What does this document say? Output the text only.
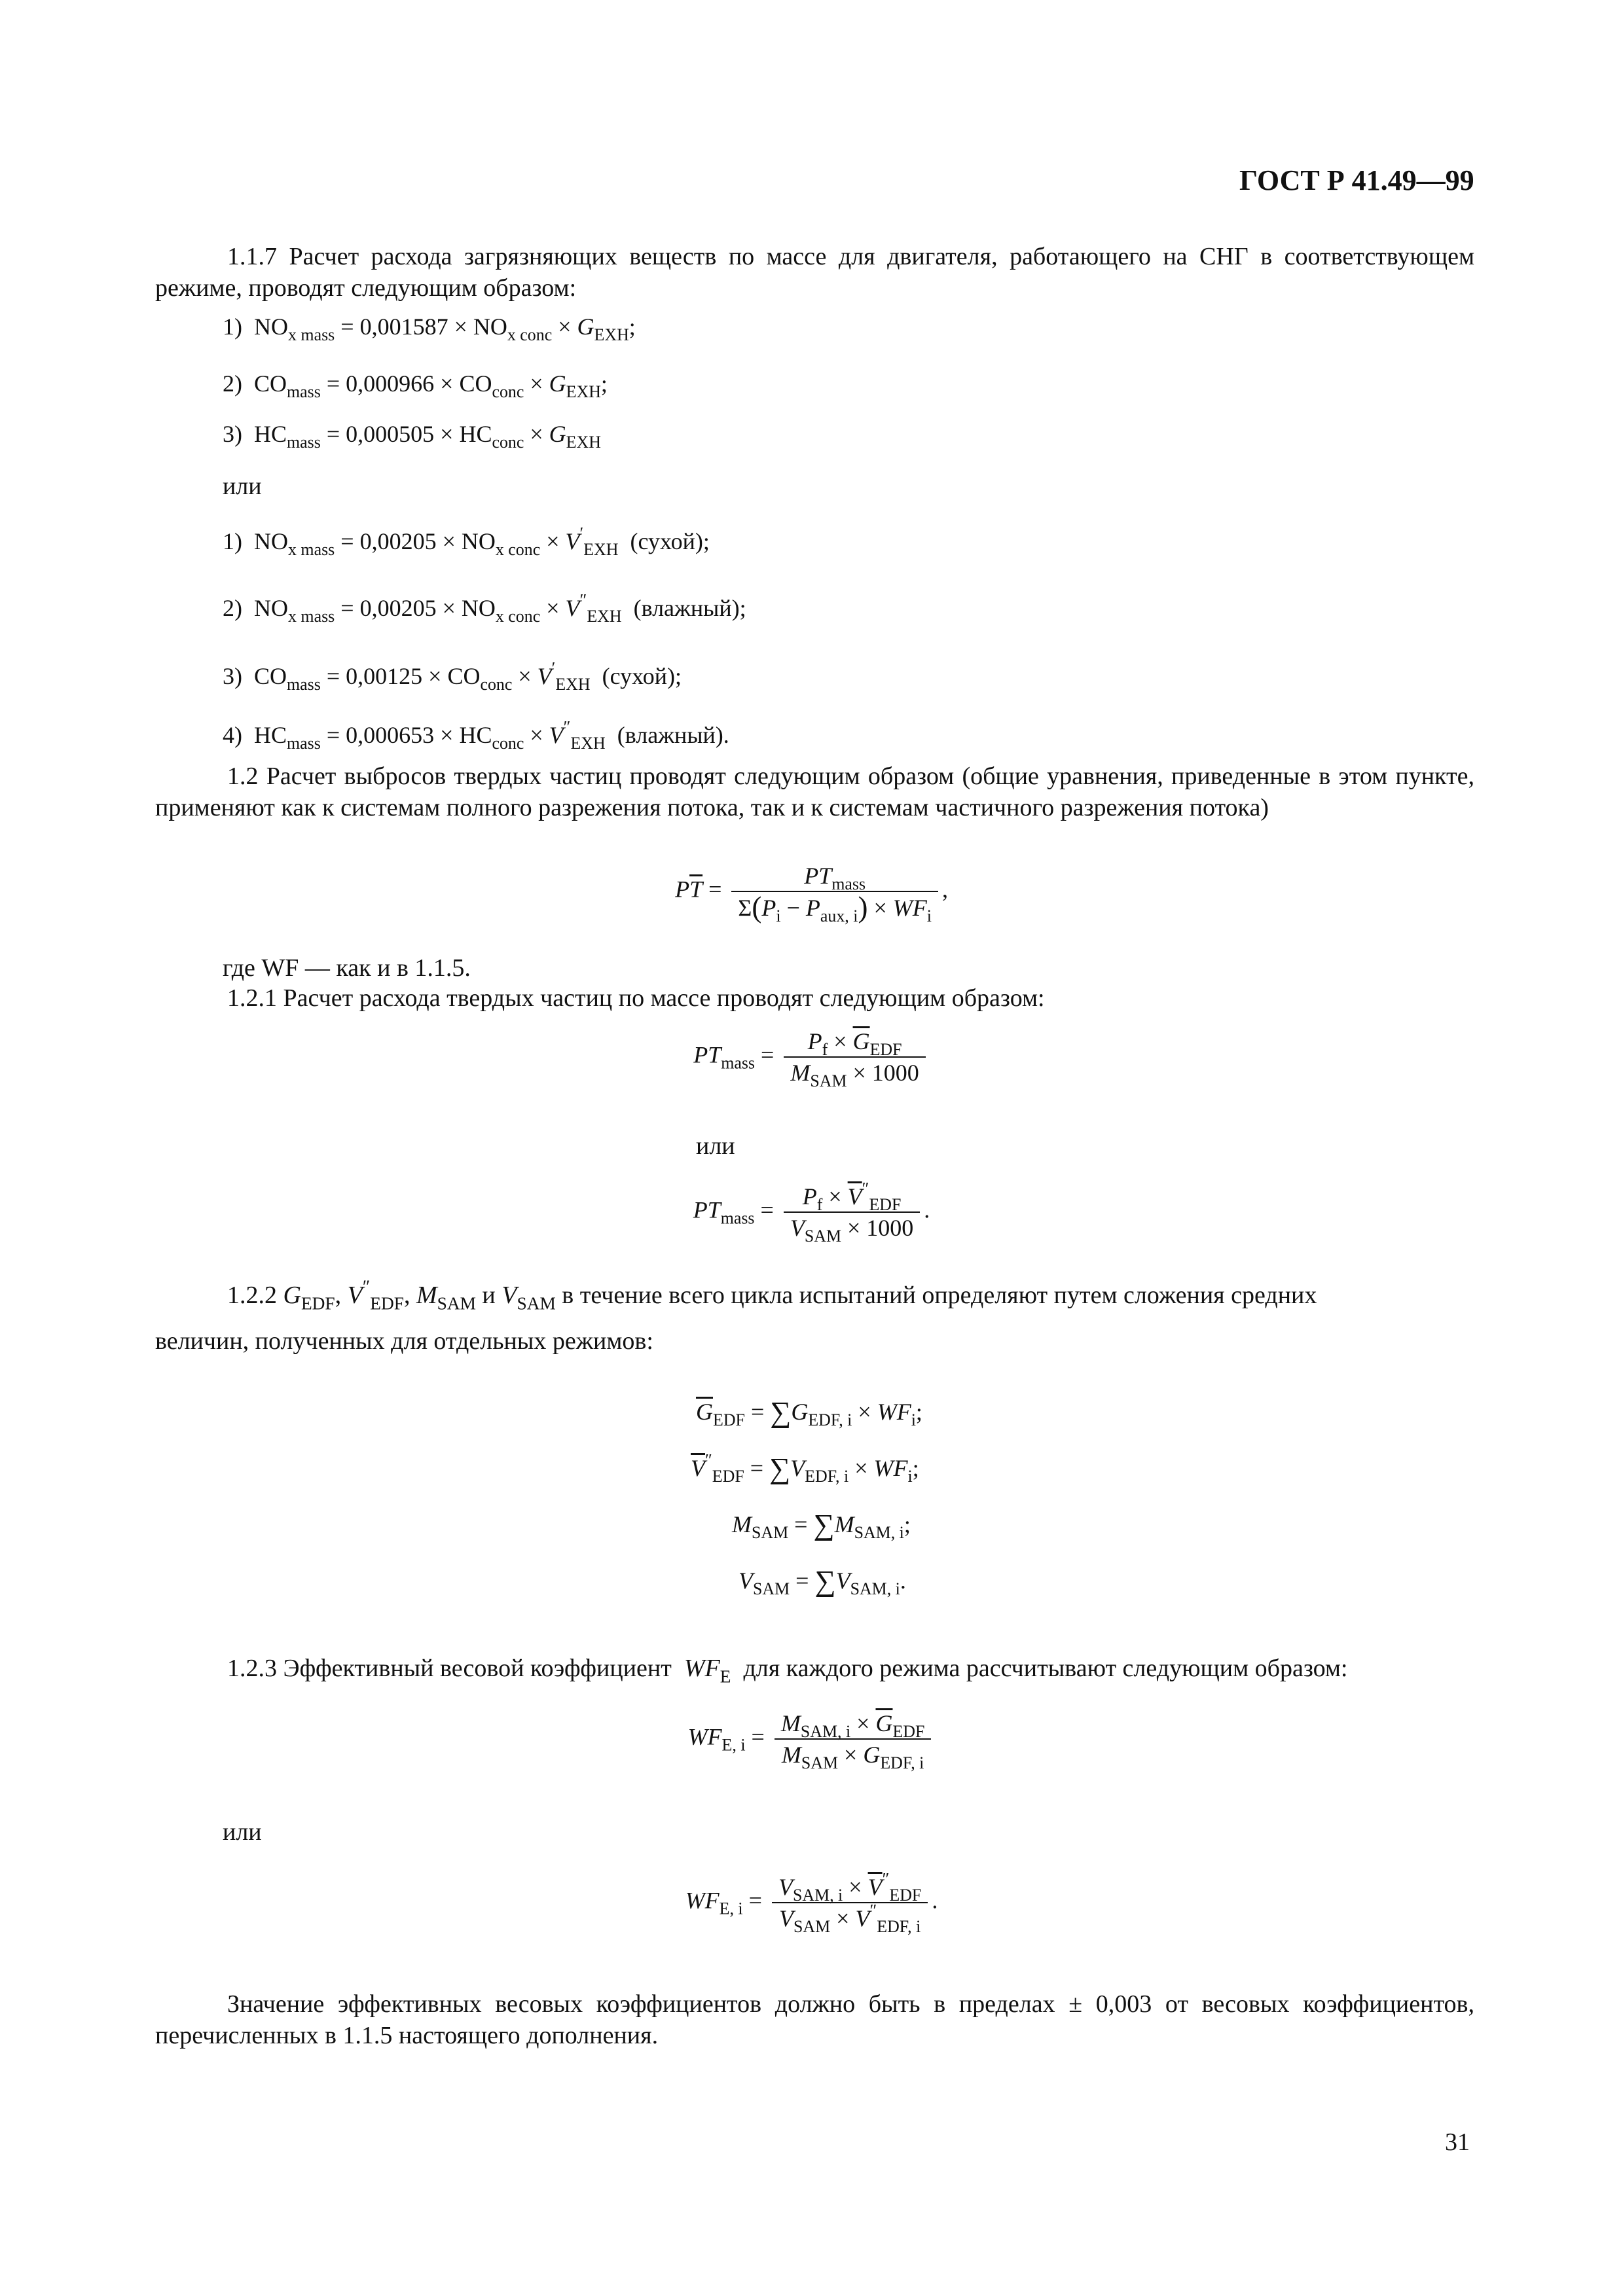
ГОСТ Р 41.49—99
1.1.7 Расчет расхода загрязняющих веществ по массе для двигателя, работающего на СНГ в соответствующем режиме, проводят следующим образом:
1)  $NO_{x mass} = 0,001587 \times NO_{x conc} \times G_{EXH}$;
2)  $CO_{mass} = 0,000966 \times CO_{conc} \times G_{EXH}$;
3)  $HC_{mass} = 0,000505 \times HC_{conc} \times G_{EXH}$
или
1)  $NO_{x mass} = 0,00205 \times NO_{x conc} \times V'_{EXH}$ (сухой);
2)  $NO_{x mass} = 0,00205 \times NO_{x conc} \times V''_{EXH}$ (влажный);
3)  $CO_{mass} = 0,00125 \times CO_{conc} \times V'_{EXH}$ (сухой);
4)  $HC_{mass} = 0,000653 \times HC_{conc} \times V''_{EXH}$ (влажный).
1.2 Расчет выбросов твердых частиц проводят следующим образом (общие уравнения, приведенные в этом пункте, применяют как к системам полного разрежения потока, так и к системам частичного разрежения потока)
$P\overline{T} = \frac{PT_{mass}}{\Sigma(P_i - P_{aux, i}) \times WF_i}$ ,
где WF — как и в 1.1.5.
1.2.1 Расчет расхода твердых частиц по массе проводят следующим образом:
$PT_{mass} = \frac{P_f \times \overline{G}_{EDF}}{M_{SAM} \times 1000}$
или
$PT_{mass} = \frac{P_f \times \overline{V}''_{EDF}}{V_{SAM} \times 1000}$ .
1.2.2 $G_{EDF}$, $V''_{EDF}$, $M_{SAM}$ и $V_{SAM}$ в течение всего цикла испытаний определяют путем сложения средних
величин, полученных для отдельных режимов:
$\overline{G}_{EDF} = \sum G_{EDF, i} \times WF_i$;
$\overline{V}''_{EDF} = \sum V_{EDF, i} \times WF_i$;
$M_{SAM} = \sum M_{SAM, i}$;
$V_{SAM} = \sum V_{SAM, i}$.
1.2.3 Эффективный весовой коэффициент $WF_E$ для каждого режима рассчитывают следующим образом:
$WF_{E, i} = \frac{M_{SAM, i} \times \overline{G}_{EDF}}{M_{SAM} \times G_{EDF, i}}$
или
$WF_{E, i} = \frac{V_{SAM, i} \times \overline{V}''_{EDF}}{V_{SAM} \times V''_{EDF, i}}$ .
Значение эффективных весовых коэффициентов должно быть в пределах ± 0,003 от весовых коэффициентов, перечисленных в 1.1.5 настоящего дополнения.
31
